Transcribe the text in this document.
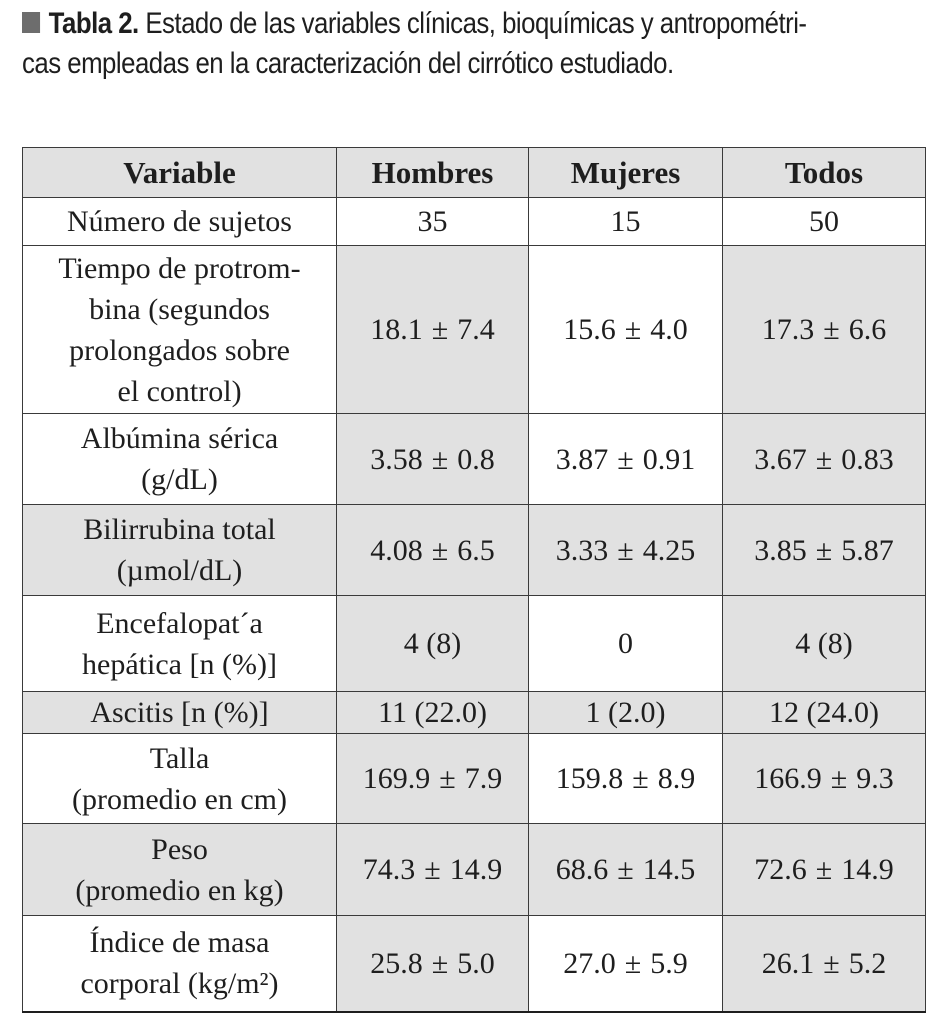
Tabla 2. Estado de las variables clínicas, bioquímicas y antropométri-
cas empleadas en la caracterización del cirrótico estudiado.
Variable	Hombres	Mujeres	Todos
Número de sujetos	35	15	50
Tiempo de protrom-
bina (segundos
prolongados sobre
el control)	18.1 ± 7.4	15.6 ± 4.0	17.3 ± 6.6
Albúmina sérica
(g/dL)	3.58 ± 0.8	3.87 ± 0.91	3.67 ± 0.83
Bilirrubina total
(µmol/dL)	4.08 ± 6.5	3.33 ± 4.25	3.85 ± 5.87
Encefalopat´a
hepática [n (%)]	4 (8)	0	4 (8)
Ascitis [n (%)]	11 (22.0)	1 (2.0)	12 (24.0)
Talla
(promedio en cm)	169.9 ± 7.9	159.8 ± 8.9	166.9 ± 9.3
Peso
(promedio en kg)	74.3 ± 14.9	68.6 ± 14.5	72.6 ± 14.9
Índice de masa
corporal (kg/m²)	25.8 ± 5.0	27.0 ± 5.9	26.1 ± 5.2
